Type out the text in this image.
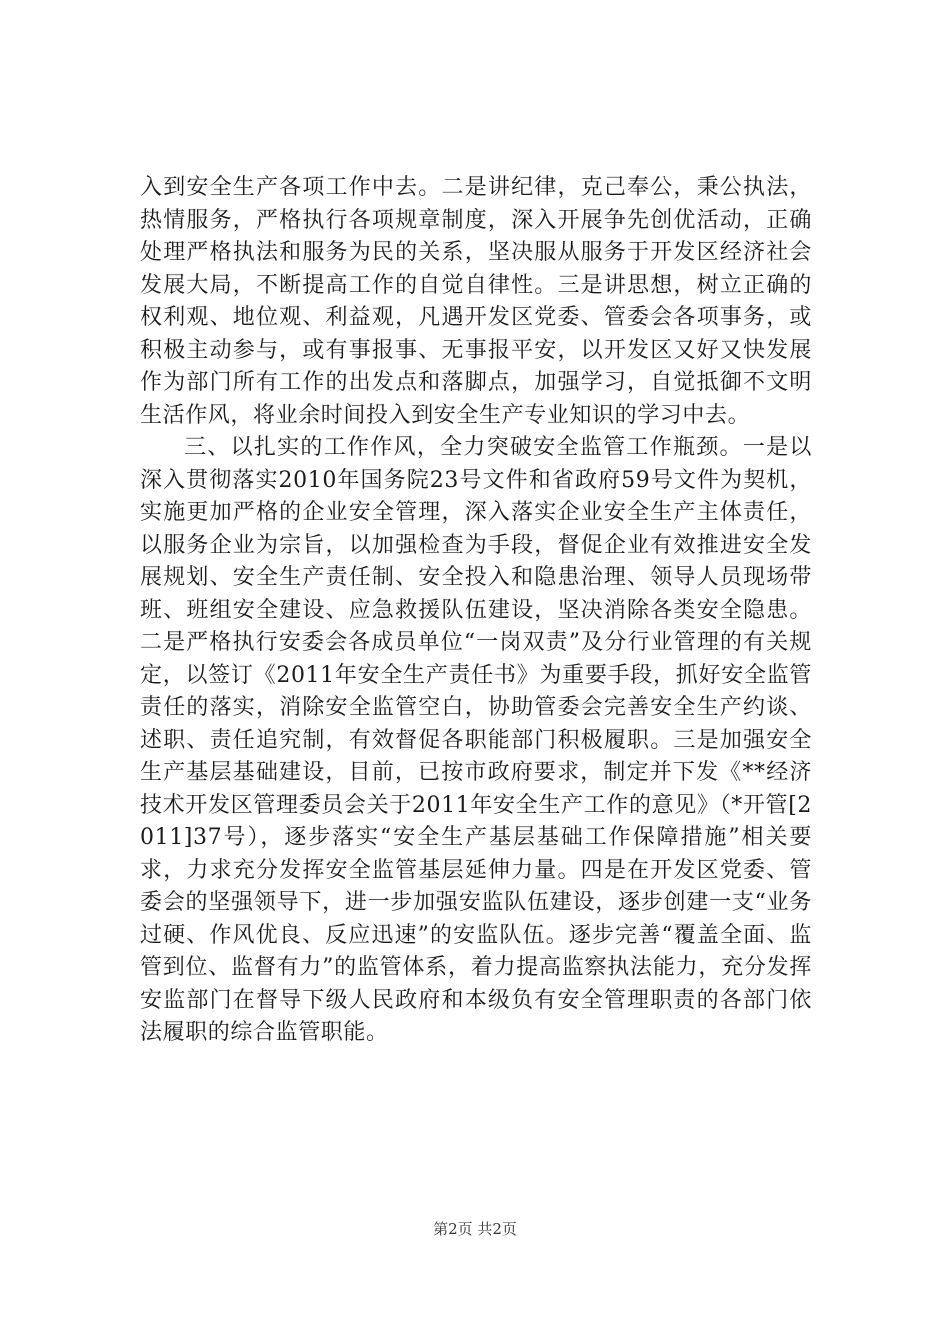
入到安全生产各项工作中去。二是讲纪律，克己奉公，秉公执法，热情服务，严格执行各项规章制度，深入开展争先创优活动，正确处理严格执法和服务为民的关系，坚决服从服务于开发区经济社会发展大局，不断提高工作的自觉自律性。三是讲思想，树立正确的权利观、地位观、利益观，凡遇开发区党委、管委会各项事务，或积极主动参与，或有事报事、无事报平安，以开发区又好又快发展作为部门所有工作的出发点和落脚点，加强学习，自觉抵御不文明生活作风，将业余时间投入到安全生产专业知识的学习中去。

三、以扎实的工作作风，全力突破安全监管工作瓶颈。一是以深入贯彻落实2010年国务院23号文件和省政府59号文件为契机，实施更加严格的企业安全管理，深入落实企业安全生产主体责任，以服务企业为宗旨，以加强检查为手段，督促企业有效推进安全发展规划、安全生产责任制、安全投入和隐患治理、领导人员现场带班、班组安全建设、应急救援队伍建设，坚决消除各类安全隐患。二是严格执行安委会各成员单位“一岗双责”及分行业管理的有关规定，以签订《2011年安全生产责任书》为重要手段，抓好安全监管责任的落实，消除安全监管空白，协助管委会完善安全生产约谈、述职、责任追究制，有效督促各职能部门积极履职。三是加强安全生产基层基础建设，目前，已按市政府要求，制定并下发《**经济技术开发区管理委员会关于2011年安全生产工作的意见》（*开管[2011]37号），逐步落实“安全生产基层基础工作保障措施”相关要求，力求充分发挥安全监管基层延伸力量。四是在开发区党委、管委会的坚强领导下，进一步加强安监队伍建设，逐步创建一支“业务过硬、作风优良、反应迅速”的安监队伍。逐步完善“覆盖全面、监管到位、监督有力”的监管体系，着力提高监察执法能力，充分发挥安监部门在督导下级人民政府和本级负有安全管理职责的各部门依法履职的综合监管职能。

第2页 共2页
